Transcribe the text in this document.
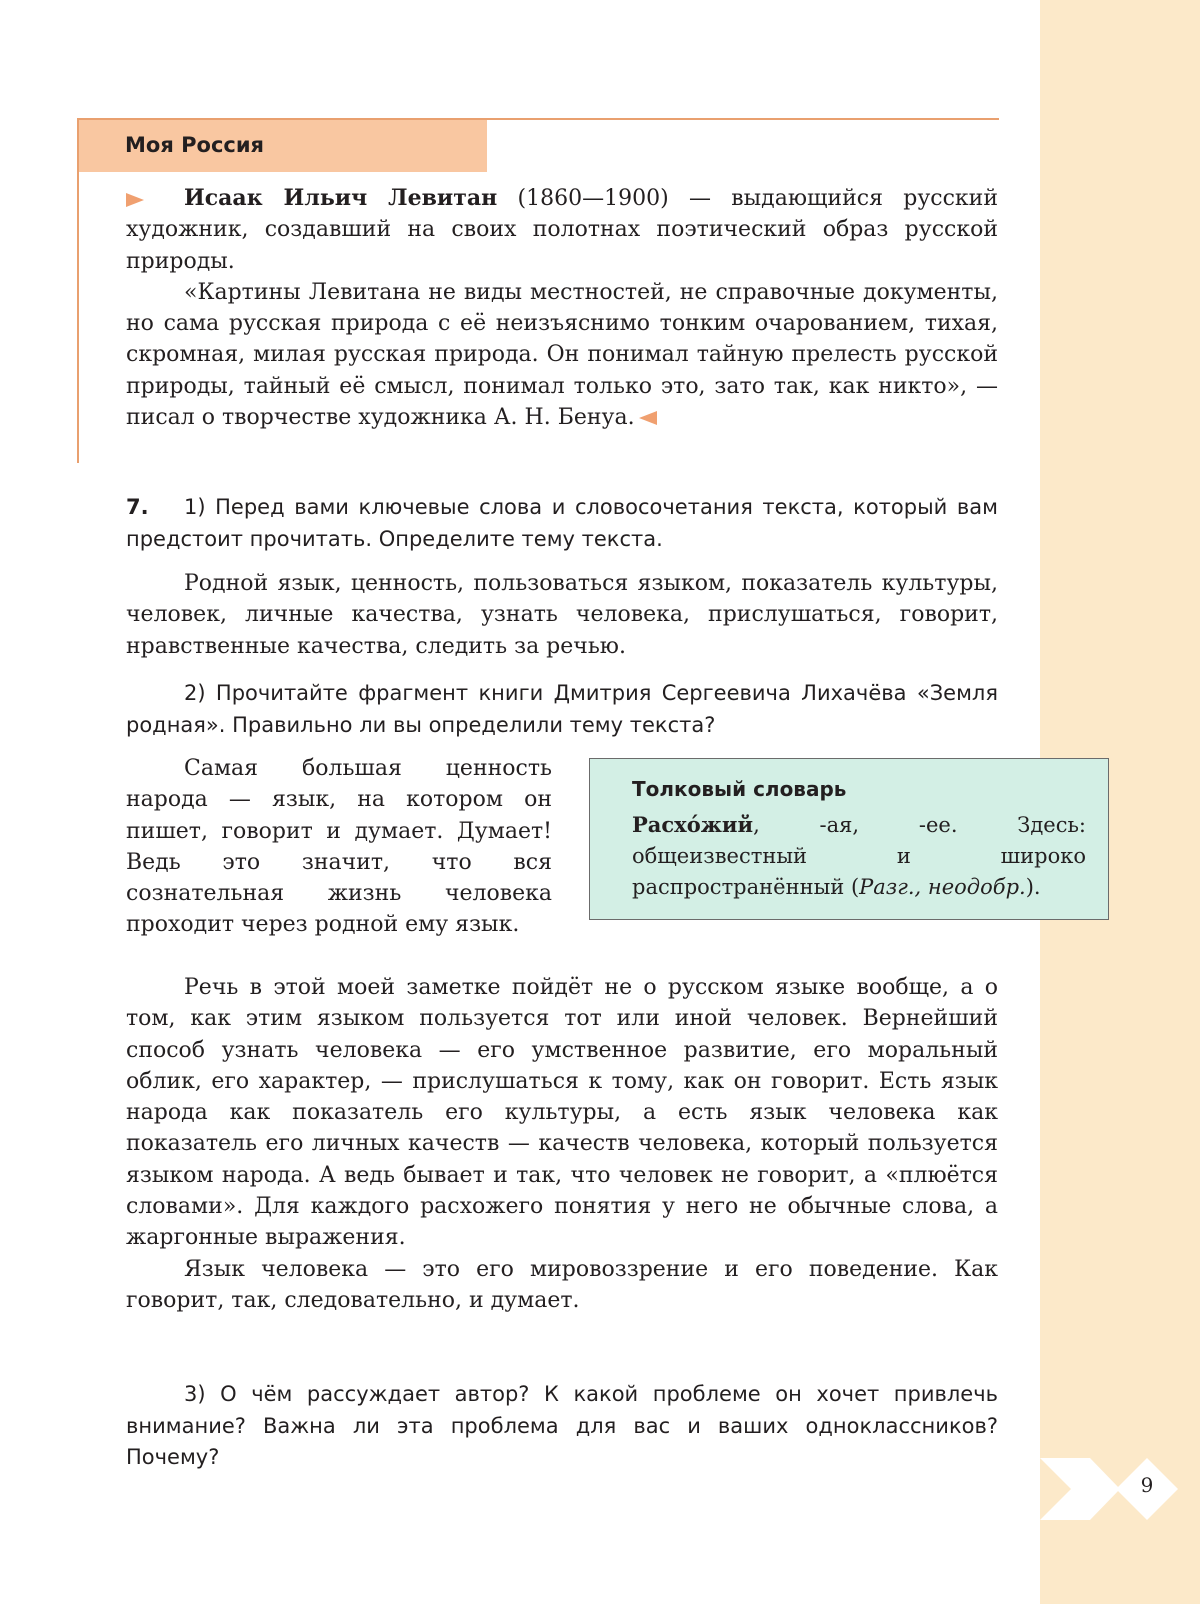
9
Моя Россия

Исаак Ильич Левитан (1860—1900) — выдающийся русский художник, создавший на своих полотнах поэтический образ русской природы.

«Картины Левитана не виды местностей, не справочные документы, но сама русская природа с её неизъяснимо тонким очарованием, тихая, скромная, милая русская природа. Он понимал тайную прелесть русской природы, тайный её смысл, понимал только это, зато так, как никто», — писал о творчестве художника А. Н. Бенуа.

7. 1) Перед вами ключевые слова и словосочетания текста, который вам предстоит прочитать. Определите тему текста.
Родной язык, ценность, пользоваться языком, показатель культуры, человек, личные качества, узнать человека, прислушаться, говорит, нравственные качества, следить за речью.
2) Прочитайте фрагмент книги Дмитрия Сергеевича Лихачёва «Земля родная». Правильно ли вы определили тему текста?
Самая большая ценность народа — язык, на котором он пишет, говорит и думает. Думает! Ведь это значит, что вся сознательная жизнь человека проходит через родной ему язык.
Толковый словарь
Расхо́жий, -ая, -ее. Здесь: общеизвестный и широко распространённый (Разг., неодобр.).

Речь в этой моей заметке пойдёт не о русском языке вообще, а о том, как этим языком пользуется тот или иной человек. Вернейший способ узнать человека — его умственное развитие, его моральный облик, его характер, — прислушаться к тому, как он говорит. Есть язык народа как показатель его культуры, а есть язык человека как показатель его личных качеств — качеств человека, который пользуется языком народа. А ведь бывает и так, что человек не говорит, а «плюётся словами». Для каждого расхожего понятия у него не обычные слова, а жаргонные выражения.

Язык человека — это его мировоззрение и его поведение. Как говорит, так, следовательно, и думает.

3) О чём рассуждает автор? К какой проблеме он хочет привлечь внимание? Важна ли эта проблема для вас и ваших одноклассников? Почему?
